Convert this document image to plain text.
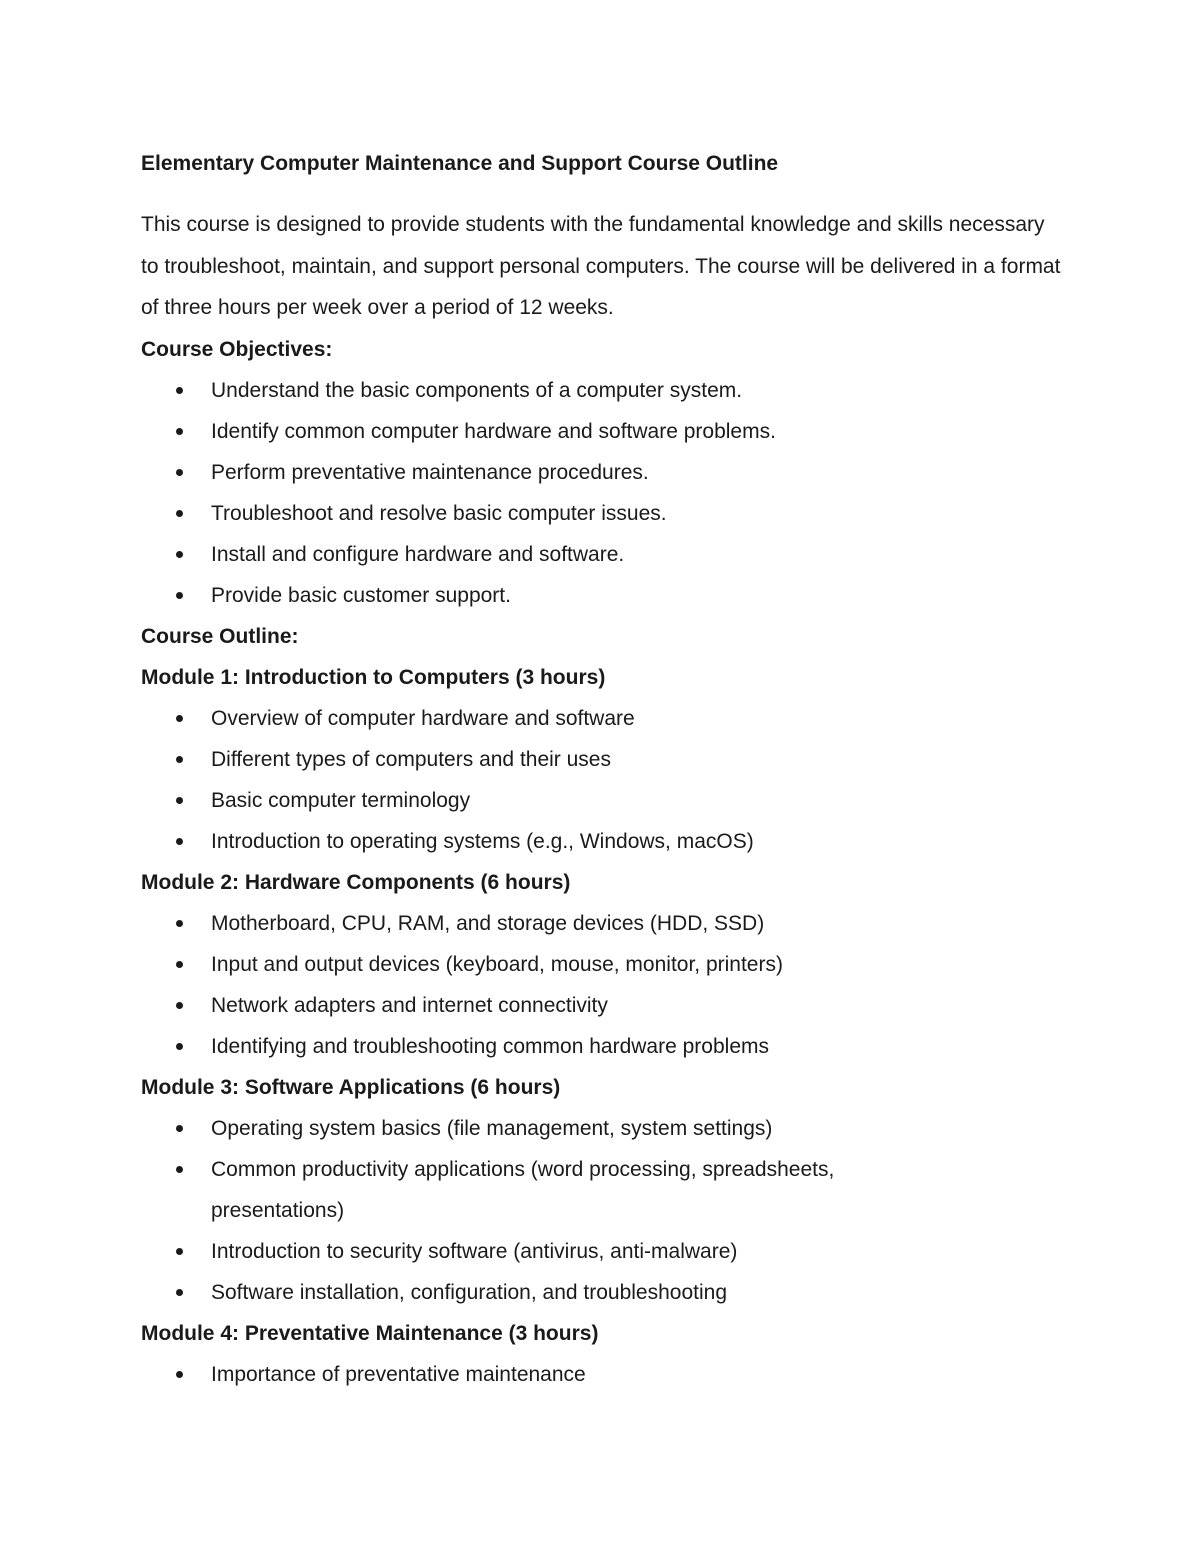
Elementary Computer Maintenance and Support Course Outline

This course is designed to provide students with the fundamental knowledge and skills necessary to troubleshoot, maintain, and support personal computers. The course will be delivered in a format of three hours per week over a period of 12 weeks.

Course Objectives:
Understand the basic components of a computer system.
Identify common computer hardware and software problems.
Perform preventative maintenance procedures.
Troubleshoot and resolve basic computer issues.
Install and configure hardware and software.
Provide basic customer support.
Course Outline:
Module 1: Introduction to Computers (3 hours)
Overview of computer hardware and software
Different types of computers and their uses
Basic computer terminology
Introduction to operating systems (e.g., Windows, macOS)
Module 2: Hardware Components (6 hours)
Motherboard, CPU, RAM, and storage devices (HDD, SSD)
Input and output devices (keyboard, mouse, monitor, printers)
Network adapters and internet connectivity
Identifying and troubleshooting common hardware problems
Module 3: Software Applications (6 hours)
Operating system basics (file management, system settings)
Common productivity applications (word processing, spreadsheets, presentations)
Introduction to security software (antivirus, anti-malware)
Software installation, configuration, and troubleshooting
Module 4: Preventative Maintenance (3 hours)
Importance of preventative maintenance
